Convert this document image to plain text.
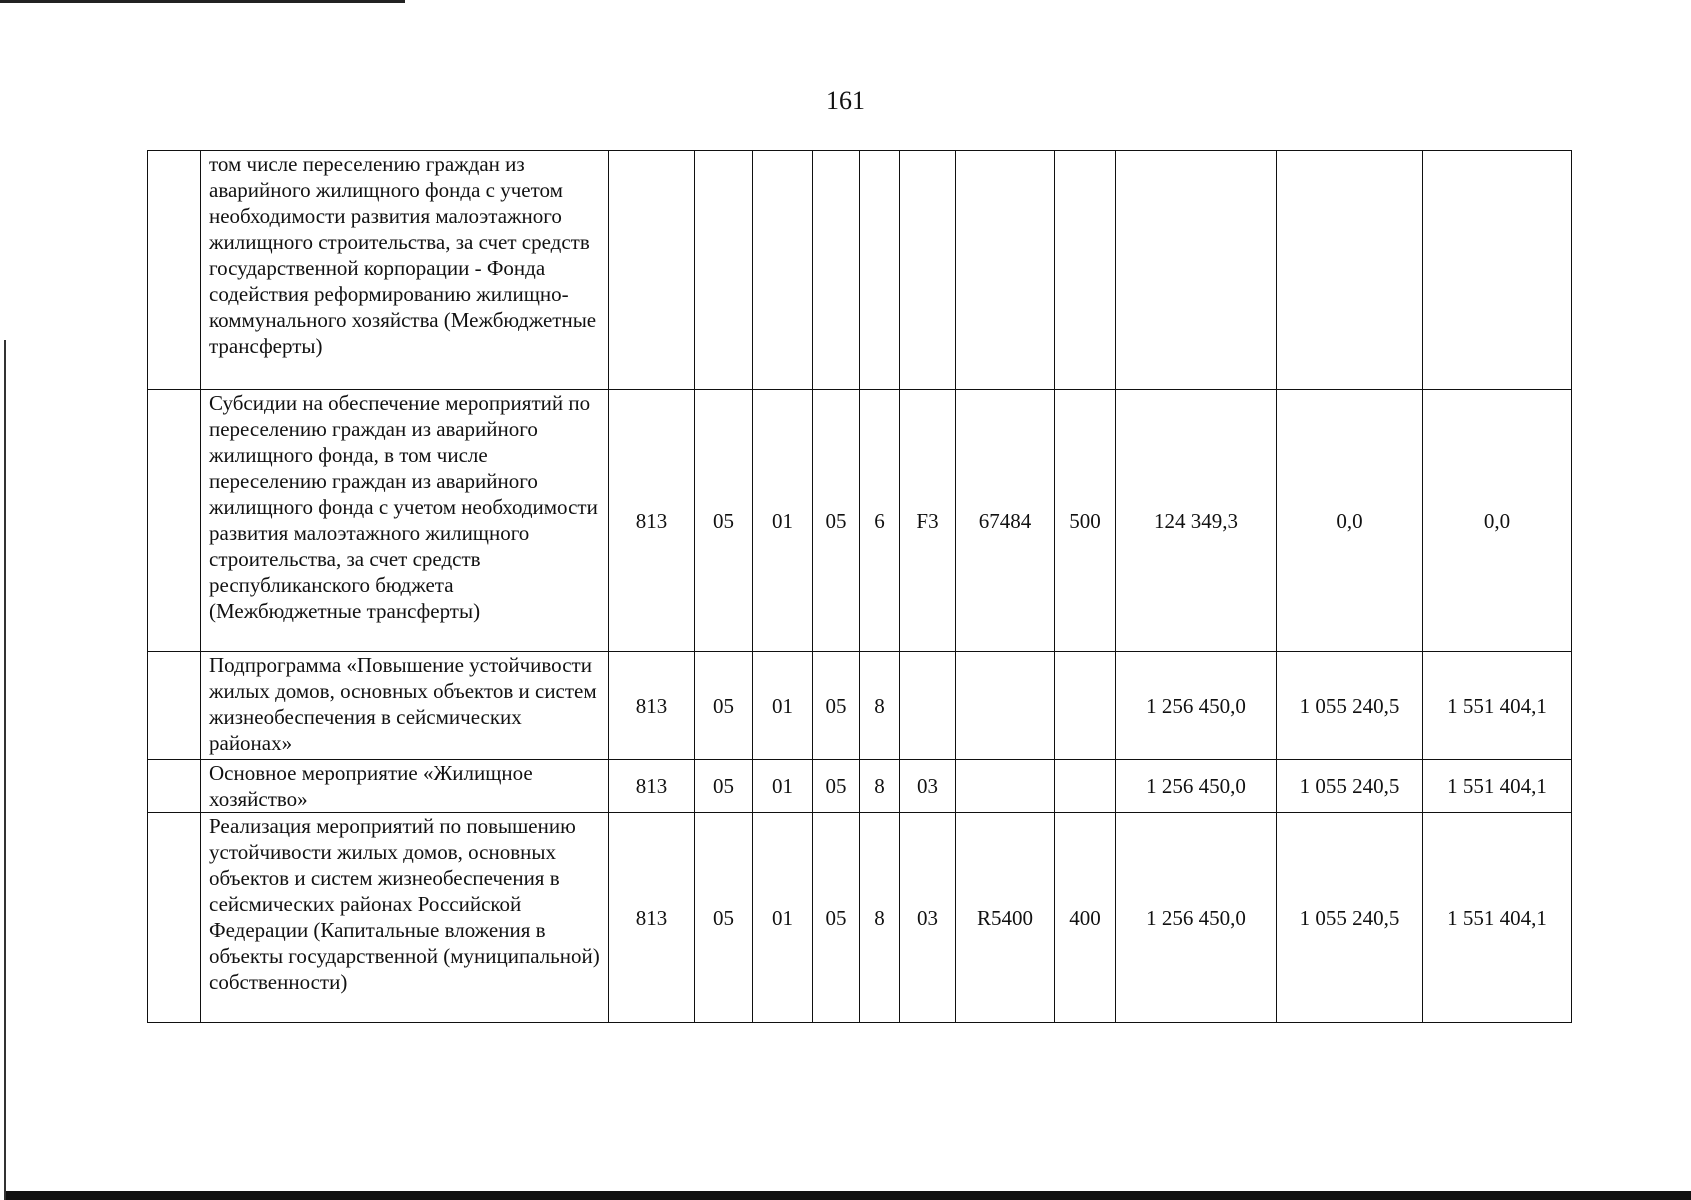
161
	том числе переселению граждан из аварийного жилищного фонда с учетом необходимости развития малоэтажного жилищного строительства, за счет средств государственной корпорации - Фонда содействия реформированию жилищно-коммунального хозяйства (Межбюджетные трансферты)											
	Субсидии на обеспечение мероприятий по переселению граждан из аварийного жилищного фонда, в том числе переселению граждан из аварийного жилищного фонда с учетом необходимости развития малоэтажного жилищного строительства, за счет средств республиканского бюджета (Межбюджетные трансферты)	813	05	01	05	6	F3	67484	500	124 349,3	0,0	0,0
	Подпрограмма «Повышение устойчивости жилых домов, основных объектов и систем жизнеобеспечения в сейсмических районах»	813	05	01	05	8				1 256 450,0	1 055 240,5	1 551 404,1
	Основное мероприятие «Жилищное хозяйство»	813	05	01	05	8	03			1 256 450,0	1 055 240,5	1 551 404,1
	Реализация мероприятий по повышению устойчивости жилых домов, основных объектов и систем жизнеобеспечения в сейсмических районах Российской Федерации (Капитальные вложения в объекты государственной (муниципальной) собственности)	813	05	01	05	8	03	R5400	400	1 256 450,0	1 055 240,5	1 551 404,1
